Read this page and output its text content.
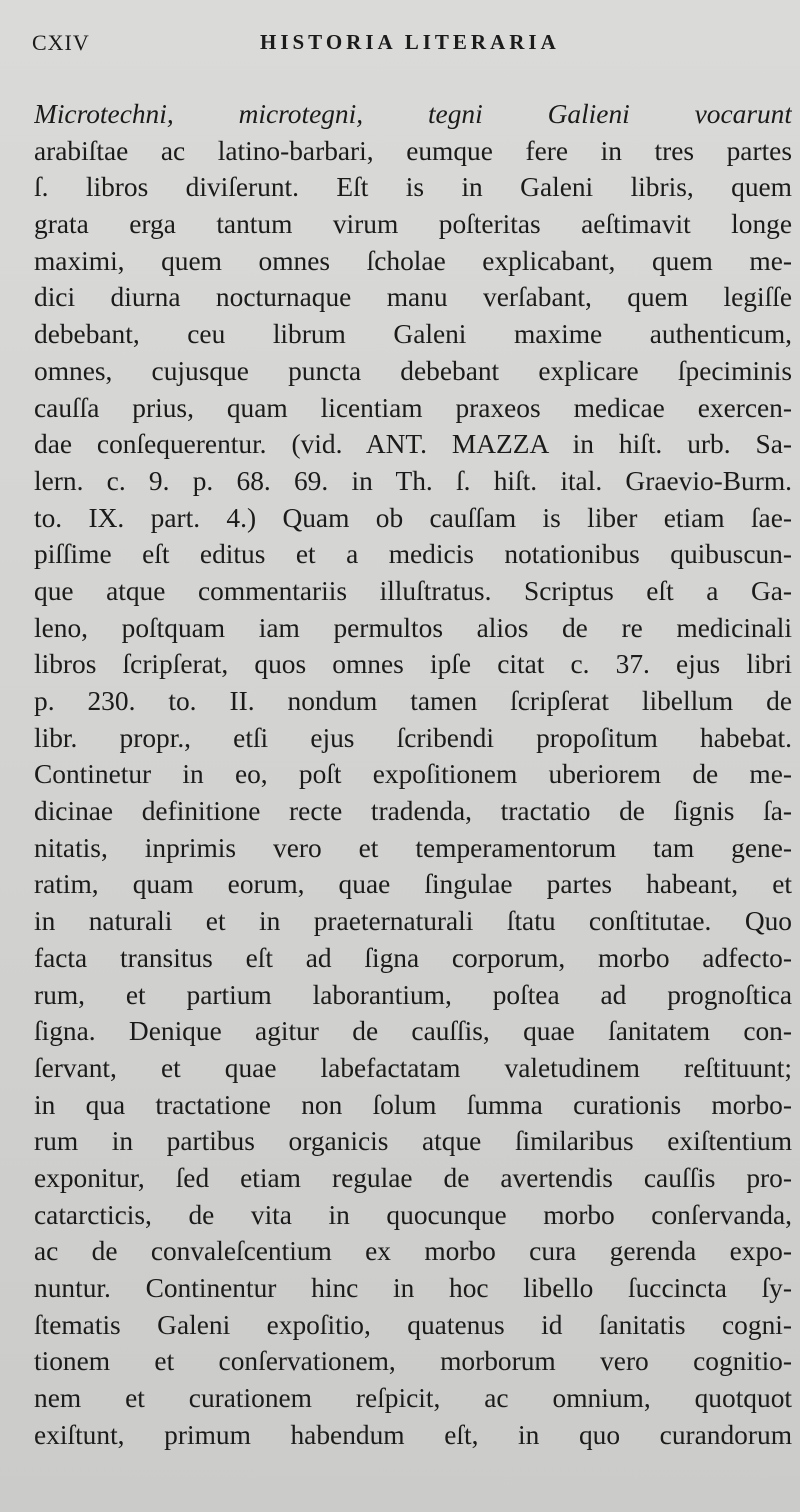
CXIV	HISTORIA LITERARIA
Microtechni, microtegni, tegni Galieni vocarunt
arabiſtae ac latino-barbari, eumque fere in tres partes
ſ. libros diviſerunt. Eſt is in Galeni libris, quem
grata erga tantum virum poſteritas aeſtimavit longe
maximi, quem omnes ſcholae explicabant, quem me-
dici diurna nocturnaque manu verſabant, quem legiſſe
debebant, ceu librum Galeni maxime authenticum,
omnes, cujusque puncta debebant explicare ſpeciminis
cauſſa prius, quam licentiam praxeos medicae exercen-
dae conſequerentur. (vid. ANT. MAZZA in hiſt. urb. Sa-
lern. c. 9. p. 68. 69. in Th. ſ. hiſt. ital. Graevio-Burm.
to. IX. part. 4.) Quam ob cauſſam is liber etiam ſae-
piſſime eſt editus et a medicis notationibus quibuscun-
que atque commentariis illuſtratus. Scriptus eſt a Ga-
leno, poſtquam iam permultos alios de re medicinali
libros ſcripſerat, quos omnes ipſe citat c. 37. ejus libri
p. 230. to. II. nondum tamen ſcripſerat libellum de
libr. propr., etſi ejus ſcribendi propoſitum habebat.
Continetur in eo, poſt expoſitionem uberiorem de me-
dicinae definitione recte tradenda, tractatio de ſignis ſa-
nitatis, inprimis vero et temperamentorum tam gene-
ratim, quam eorum, quae ſingulae partes habeant, et
in naturali et in praeternaturali ſtatu conſtitutae. Quo
facta transitus eſt ad ſigna corporum, morbo adfecto-
rum, et partium laborantium, poſtea ad prognoſtica
ſigna. Denique agitur de cauſſis, quae ſanitatem con-
ſervant, et quae labefactatam valetudinem reſtituunt;
in qua tractatione non ſolum ſumma curationis morbo-
rum in partibus organicis atque ſimilaribus exiſtentium
exponitur, ſed etiam regulae de avertendis cauſſis pro-
catarcticis, de vita in quocunque morbo conſervanda,
ac de convaleſcentium ex morbo cura gerenda expo-
nuntur. Continentur hinc in hoc libello ſuccincta ſy-
ſtematis Galeni expoſitio, quatenus id ſanitatis cogni-
tionem et conſervationem, morborum vero cognitio-
nem et curationem reſpicit, ac omnium, quotquot
exiſtunt, primum habendum eſt, in quo curandorum
